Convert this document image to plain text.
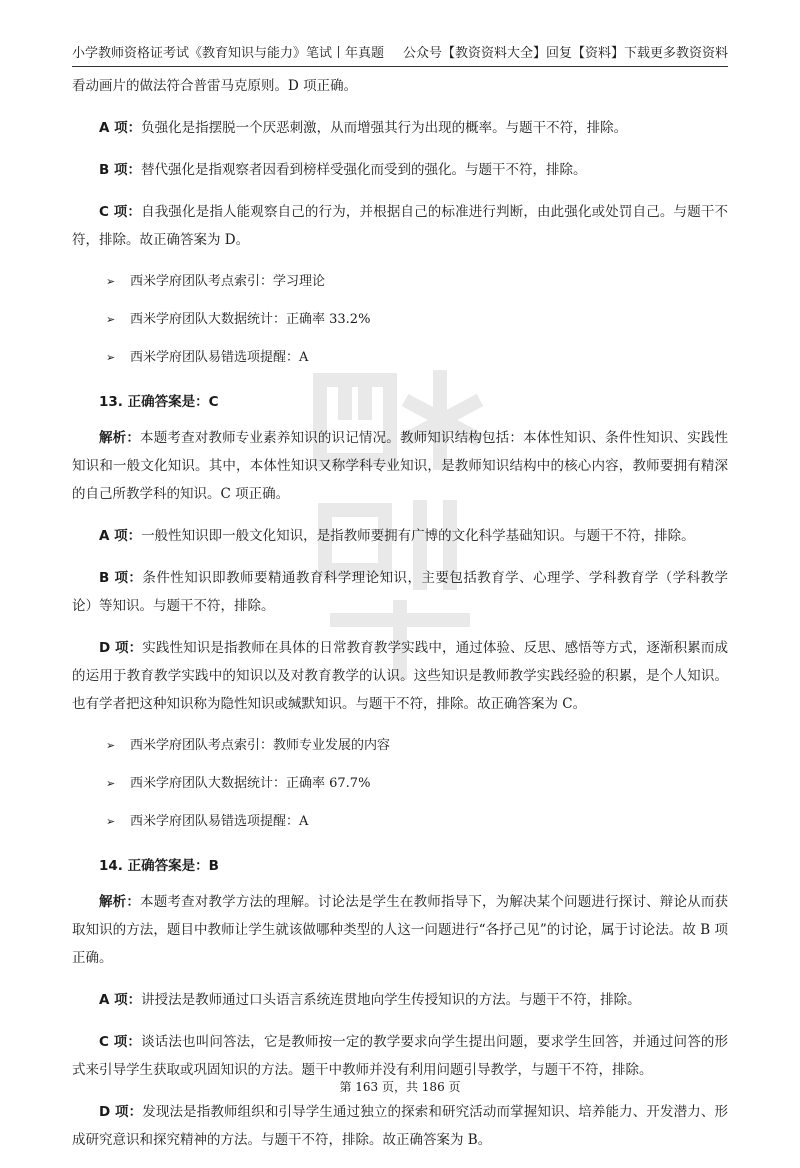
小学教师资格证考试《教育知识与能力》笔试丨年真题 公众号【教资资料大全】回复【资料】下载更多教资资料

看动画片的做法符合普雷马克原则。D 项正确。

A 项：负强化是指摆脱一个厌恶刺激，从而增强其行为出现的概率。与题干不符，排除。

B 项：替代强化是指观察者因看到榜样受强化而受到的强化。与题干不符，排除。

C 项：自我强化是指人能观察自己的行为，并根据自己的标准进行判断，由此强化或处罚自己。与题干不符，排除。故正确答案为 D。

➢ 西米学府团队考点索引：学习理论
➢ 西米学府团队大数据统计：正确率 33.2%
➢ 西米学府团队易错选项提醒：A
13. 正确答案是：C

解析：本题考查对教师专业素养知识的识记情况。教师知识结构包括：本体性知识、条件性知识、实践性知识和一般文化知识。其中，本体性知识又称学科专业知识，是教师知识结构中的核心内容，教师要拥有精深的自己所教学科的知识。C 项正确。

A 项：一般性知识即一般文化知识，是指教师要拥有广博的文化科学基础知识。与题干不符，排除。

B 项：条件性知识即教师要精通教育科学理论知识，主要包括教育学、心理学、学科教育学（学科教学论）等知识。与题干不符，排除。

D 项：实践性知识是指教师在具体的日常教育教学实践中，通过体验、反思、感悟等方式，逐渐积累而成的运用于教育教学实践中的知识以及对教育教学的认识。这些知识是教师教学实践经验的积累，是个人知识。也有学者把这种知识称为隐性知识或缄默知识。与题干不符，排除。故正确答案为 C。

➢ 西米学府团队考点索引：教师专业发展的内容
➢ 西米学府团队大数据统计：正确率 67.7%
➢ 西米学府团队易错选项提醒：A
14. 正确答案是：B

解析：本题考查对教学方法的理解。讨论法是学生在教师指导下，为解决某个问题进行探讨、辩论从而获取知识的方法，题目中教师让学生就该做哪种类型的人这一问题进行“各抒己见”的讨论，属于讨论法。故 B 项正确。

A 项：讲授法是教师通过口头语言系统连贯地向学生传授知识的方法。与题干不符，排除。

C 项：谈话法也叫问答法，它是教师按一定的教学要求向学生提出问题，要求学生回答，并通过问答的形式来引导学生获取或巩固知识的方法。题干中教师并没有利用问题引导教学，与题干不符，排除。

D 项：发现法是指教师组织和引导学生通过独立的探索和研究活动而掌握知识、培养能力、开发潜力、形成研究意识和探究精神的方法。与题干不符，排除。故正确答案为 B。

第 163 页，共 186 页
